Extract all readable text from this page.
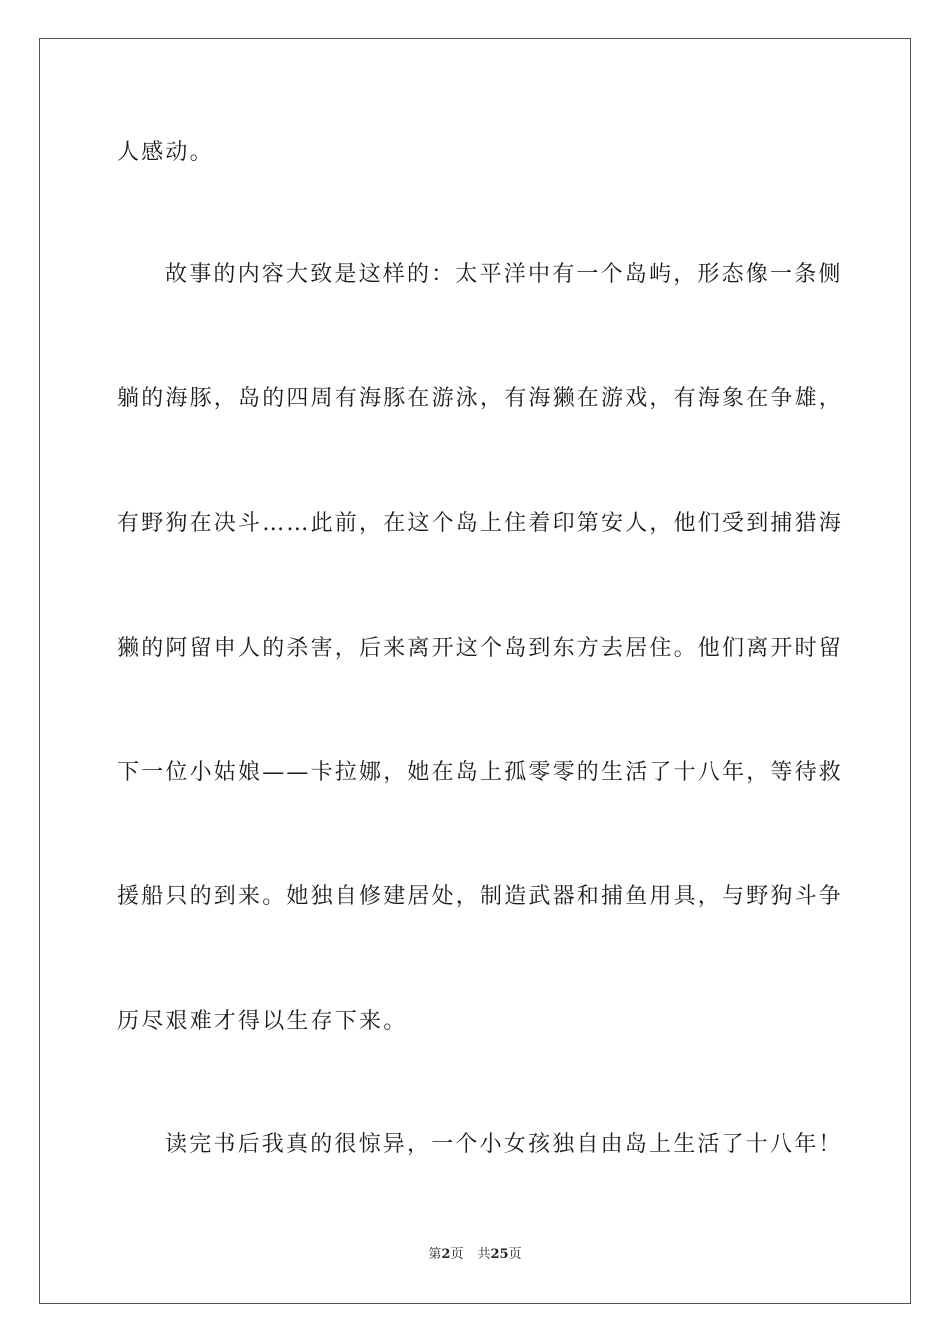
人感动。
故事的内容大致是这样的：太平洋中有一个岛屿，形态像一条侧
躺的海豚，岛的四周有海豚在游泳，有海獭在游戏，有海象在争雄，
有野狗在决斗……此前，在这个岛上住着印第安人，他们受到捕猎海
獭的阿留申人的杀害，后来离开这个岛到东方去居住。他们离开时留
下一位小姑娘——卡拉娜，她在岛上孤零零的生活了十八年，等待救
援船只的到来。她独自修建居处，制造武器和捕鱼用具，与野狗斗争
历尽艰难才得以生存下来。
读完书后我真的很惊异，一个小女孩独自由岛上生活了十八年！
第2页 共25页
